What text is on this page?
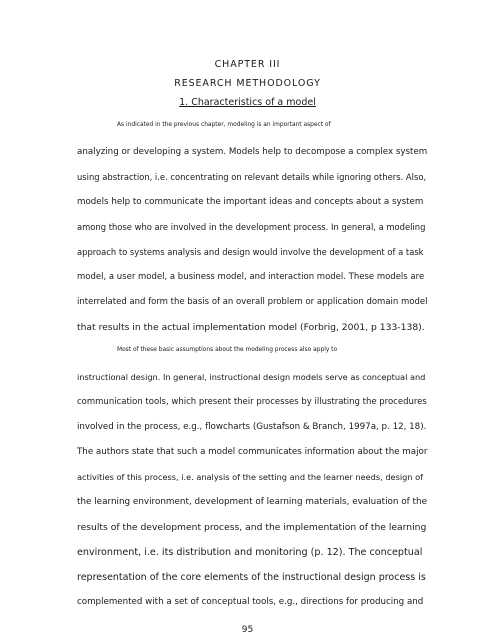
CHAPTER III
RESEARCH METHODOLOGY
1. Characteristics of a model
As indicated in the previous chapter, modeling is an important aspect of
analyzing or developing a system. Models help to decompose a complex system
using abstraction, i.e. concentrating on relevant details while ignoring others. Also,
models help to communicate the important ideas and concepts about a system
among those who are involved in the development process. In general, a modeling
approach to systems analysis and design would involve the development of a task
model, a user model, a business model, and interaction model. These models are
interrelated and form the basis of an overall problem or application domain model
that results in the actual implementation model (Forbrig, 2001, p 133-138).
Most of these basic assumptions about the modeling process also apply to
instructional design. In general, instructional design models serve as conceptual and
communication tools, which present their processes by illustrating the procedures
involved in the process, e.g., flowcharts (Gustafson & Branch, 1997a, p. 12, 18).
The authors state that such a model communicates information about the major
activities of this process, i.e. analysis of the setting and the learner needs, design of
the learning environment, development of learning materials, evaluation of the
results of the development process, and the implementation of the learning
environment, i.e. its distribution and monitoring (p. 12). The conceptual
representation of the core elements of the instructional design process is
complemented with a set of conceptual tools, e.g., directions for producing and
95
